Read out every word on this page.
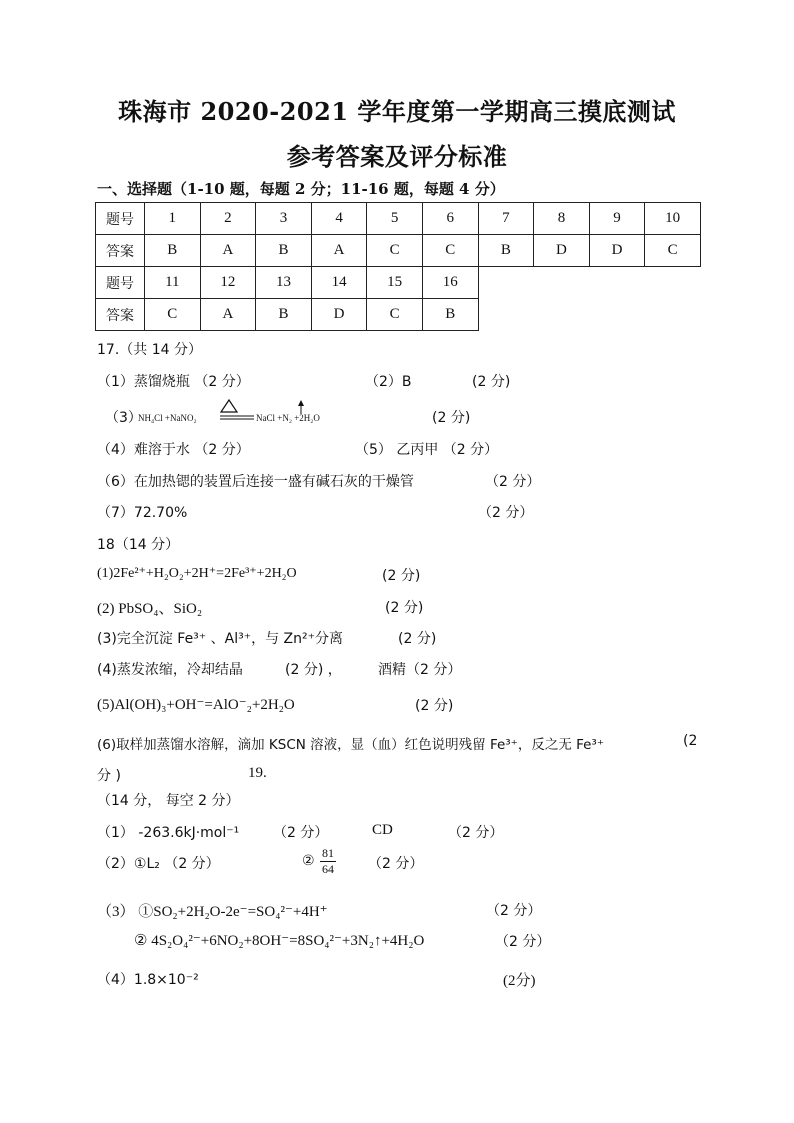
珠海市 2020-2021 学年度第一学期高三摸底测试
参考答案及评分标准
一、选择题（1-10 题，每题 2 分；11-16 题，每题 4 分）
题号	1	2	3	4	5	6	7	8	9	10
答案	B	A	B	A	C	C	B	D	D	C
题号	11	12	13	14	15	16				
答案	C	A	B	D	C	B				
17.（共 14 分）
（1）蒸馏烧瓶 （2 分）	（2）B	(2 分)
（3）
NH₄Cl +NaNO₂	NaCl +N₂ +2H₂O	(2 分)
（4）难溶于水 （2 分）	（5） 乙丙甲 （2 分）
（6）在加热锶的装置后连接一盛有碱石灰的干燥管	（2 分）
（7）72.70%	（2 分）
18（14 分）
(1)2Fe²⁺+H₂O₂+2H⁺=2Fe³⁺+2H₂O	(2 分)
(2) PbSO₄、SiO₂	(2 分)
(3)完全沉淀 Fe³⁺ 、Al³⁺，与 Zn²⁺分离	(2 分)
(4)蒸发浓缩，冷却结晶	(2 分) ，	酒精（2 分）
(5)Al(OH)₃+OH⁻=AlO⁻₂+2H₂O	(2 分)
(6)取样加蒸馏水溶解，滴加 KSCN 溶液，显（血）红色说明残留 Fe³⁺，反之无 Fe³⁺	(2
分 )	19.
（14 分， 每空 2 分）
（1） -263.6kJ·mol⁻¹ （2 分）	CD	（2 分）
（2）①L₂ （2 分）	② $\frac{81}{64} (2$ 分）
（3） ①SO₂+2H₂O-2e⁻=SO₄²⁻+4H⁺	（2 分）
② 4S₂O₄²⁻+6NO₂+8OH⁻=8SO₄²⁻+3N₂↑+4H₂O	（2 分）
（4）1.8×10⁻²	(2分)
